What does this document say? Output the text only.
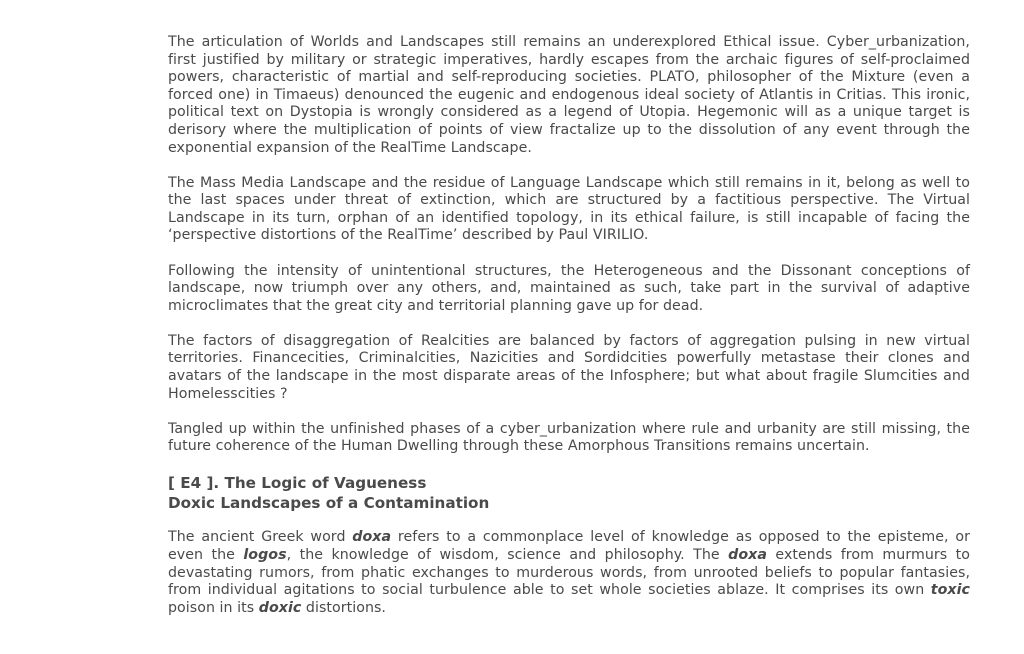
The articulation of Worlds and Landscapes still remains an underexplored Ethical issue. Cyber_urbanization, first justified by military or strategic imperatives, hardly escapes from the archaic figures of self-proclaimed powers, characteristic of martial and self-reproducing societies. PLATO, philosopher of the Mixture (even a forced one) in Timaeus) denounced the eugenic and endogenous ideal society of Atlantis in Critias. This ironic, political text on Dystopia is wrongly considered as a legend of Utopia. Hegemonic will as a unique target is derisory where the multiplication of points of view fractalize up to the dissolution of any event through the exponential expansion of the RealTime Landscape.

The Mass Media Landscape and the residue of Language Landscape which still remains in it, belong as well to the last spaces under threat of extinction, which are structured by a factitious perspective. The Virtual Landscape in its turn, orphan of an identified topology, in its ethical failure, is still incapable of facing the ‘perspective distortions of the RealTime’ described by Paul VIRILIO.

Following the intensity of unintentional structures, the Heterogeneous and the Dissonant conceptions of landscape, now triumph over any others, and, maintained as such, take part in the survival of adaptive microclimates that the great city and territorial planning gave up for dead.

The factors of disaggregation of Realcities are balanced by factors of aggregation pulsing in new virtual territories. Financecities, Criminalcities, Nazicities and Sordidcities powerfully metastase their clones and avatars of the landscape in the most disparate areas of the Infosphere; but what about fragile Slumcities and Homelesscities ?

Tangled up within the unfinished phases of a cyber_urbanization where rule and urbanity are still missing, the future coherence of the Human Dwelling through these Amorphous Transitions remains uncertain.

[ E4 ]. The Logic of Vagueness
Doxic Landscapes of a Contamination

The ancient Greek word doxa refers to a commonplace level of knowledge as opposed to the episteme, or even the logos, the knowledge of wisdom, science and philosophy. The doxa extends from murmurs to devastating rumors, from phatic exchanges to murderous words, from unrooted beliefs to popular fantasies, from individual agitations to social turbulence able to set whole societies ablaze. It comprises its own toxic poison in its doxic distortions.
